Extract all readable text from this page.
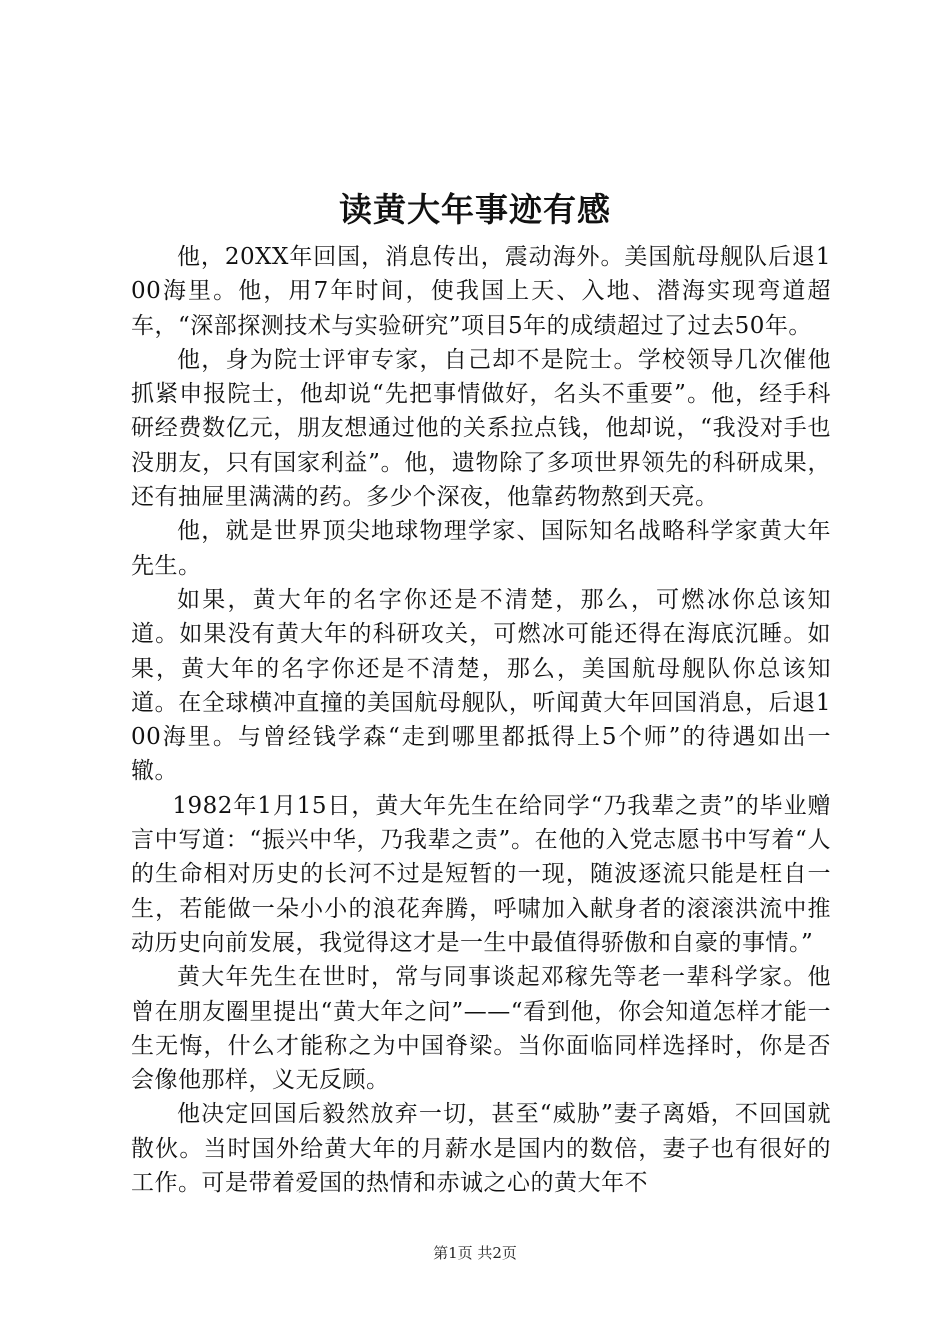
读黄大年事迹有感

他，20XX年回国，消息传出，震动海外。美国航母舰队后退100海里。他，用7年时间，使我国上天、入地、潜海实现弯道超车，“深部探测技术与实验研究”项目5年的成绩超过了过去50年。

他，身为院士评审专家，自己却不是院士。学校领导几次催他抓紧申报院士，他却说“先把事情做好，名头不重要”。他，经手科研经费数亿元，朋友想通过他的关系拉点钱，他却说，“我没对手也没朋友，只有国家利益”。他，遗物除了多项世界领先的科研成果，还有抽屉里满满的药。多少个深夜，他靠药物熬到天亮。

他，就是世界顶尖地球物理学家、国际知名战略科学家黄大年先生。

如果，黄大年的名字你还是不清楚，那么，可燃冰你总该知道。如果没有黄大年的科研攻关，可燃冰可能还得在海底沉睡。如果，黄大年的名字你还是不清楚，那么，美国航母舰队你总该知道。在全球横冲直撞的美国航母舰队，听闻黄大年回国消息，后退100海里。与曾经钱学森“走到哪里都抵得上5个师”的待遇如出一辙。

1982年1月15日，黄大年先生在给同学“乃我辈之责”的毕业赠言中写道：“振兴中华，乃我辈之责”。在他的入党志愿书中写着“人的生命相对历史的长河不过是短暂的一现，随波逐流只能是枉自一生，若能做一朵小小的浪花奔腾，呼啸加入献身者的滚滚洪流中推动历史向前发展，我觉得这才是一生中最值得骄傲和自豪的事情。”

黄大年先生在世时，常与同事谈起邓稼先等老一辈科学家。他曾在朋友圈里提出“黄大年之问”——“看到他，你会知道怎样才能一生无悔，什么才能称之为中国脊梁。当你面临同样选择时，你是否会像他那样，义无反顾。

他决定回国后毅然放弃一切，甚至“威胁”妻子离婚，不回国就散伙。当时国外给黄大年的月薪水是国内的数倍，妻子也有很好的工作。可是带着爱国的热情和赤诚之心的黄大年不

第1页 共2页
